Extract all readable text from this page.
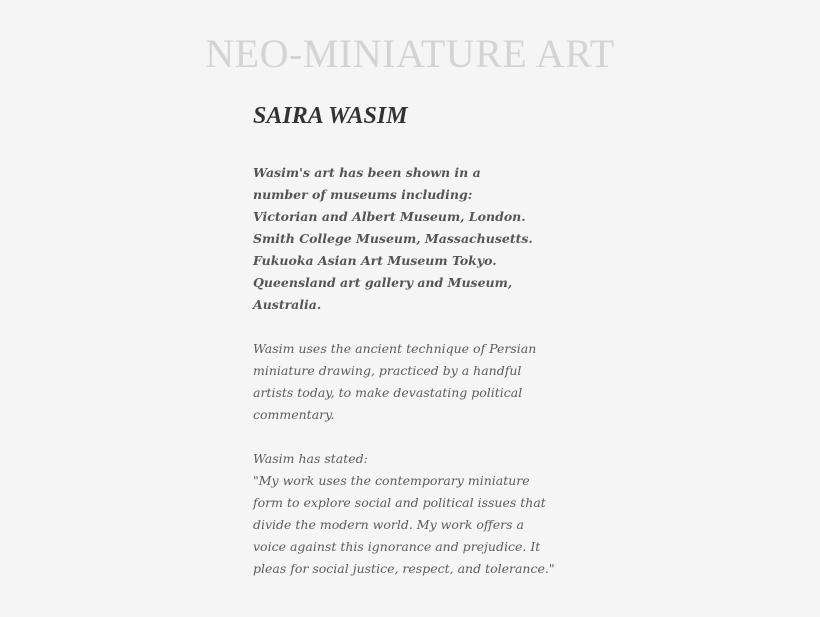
NEO-MINIATURE ART
SAIRA WASIM

Wasim's art has been shown in a
number of museums including:
Victorian and Albert Museum, London.
Smith College Museum, Massachusetts.
Fukuoka Asian Art Museum Tokyo.
Queensland art gallery and Museum,
Australia.

Wasim uses the ancient technique of Persian
miniature drawing, practiced by a handful
artists today, to make devastating political
commentary.

Wasim has stated:
"My work uses the contemporary miniature
form to explore social and political issues that
divide the modern world. My work offers a
voice against this ignorance and prejudice. It
pleas for social justice, respect, and tolerance."
